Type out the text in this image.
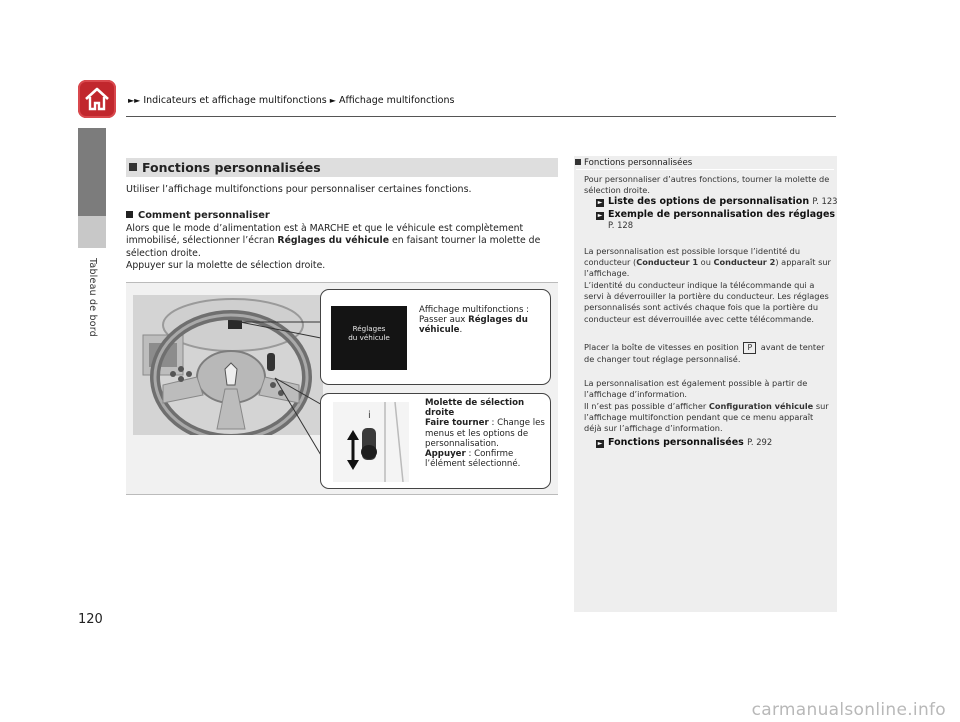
►► Indicateurs et affichage multifonctions ► Affichage multifonctions
Tableau de bord
120
Fonctions personnalisées
Utiliser l’affichage multifonctions pour personnaliser certaines fonctions.
Comment personnaliser
Alors que le mode d’alimentation est à MARCHE et que le véhicule est complètement immobilisé, sélectionner l’écran Réglages du véhicule en faisant tourner la molette de sélection droite.
Appuyer sur la molette de sélection droite.
Réglages
du véhicule
Affichage multifonctions : Passer aux Réglages du véhicule.
i
Molette de sélection droite
Faire tourner : Change les menus et les options de personnalisation.
Appuyer : Confirme l’élément sélectionné.
Fonctions personnalisées
Pour personnaliser d’autres fonctions, tourner la molette de sélection droite.
► Liste des options de personnalisation P. 123
► Exemple de personnalisation des réglages
P. 128
La personnalisation est possible lorsque l’identité du conducteur (Conducteur 1 ou Conducteur 2) apparaît sur l’affichage.
L’identité du conducteur indique la télécommande qui a servi à déverrouiller la portière du conducteur. Les réglages personnalisés sont activés chaque fois que la portière du conducteur est déverrouillée avec cette télécommande.
Placer la boîte de vitesses en position P avant de tenter de changer tout réglage personnalisé.
La personnalisation est également possible à partir de l’affichage d’information.
Il n’est pas possible d’afficher Configuration véhicule sur l’affichage multifonction pendant que ce menu apparaît déjà sur l’affichage d’information.
► Fonctions personnalisées P. 292
carmanualsonline.info
